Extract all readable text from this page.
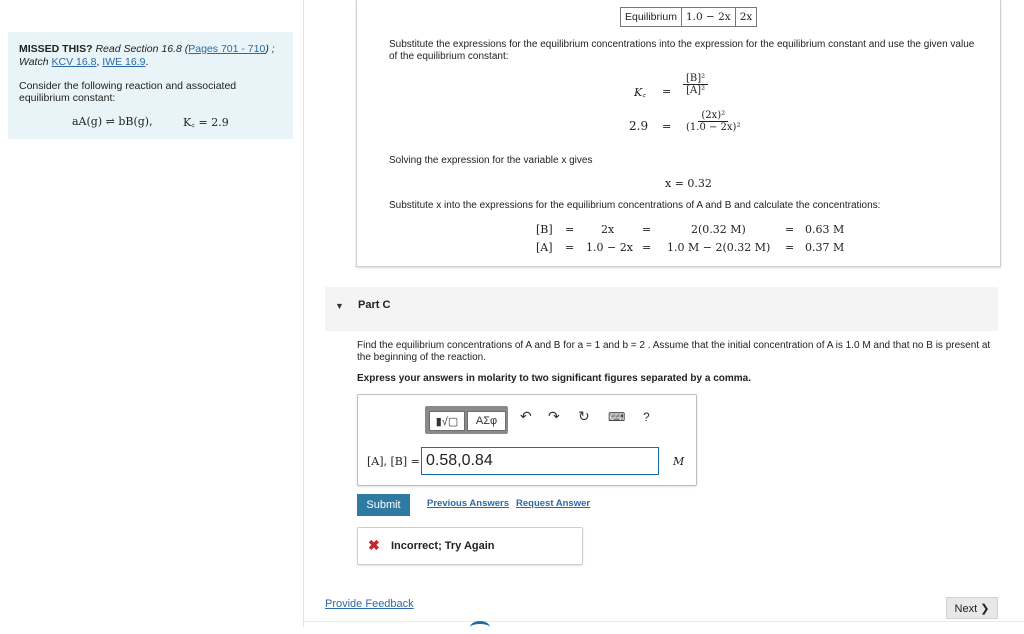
MISSED THIS? Read Section 16.8 (Pages 701 - 710) ;
Watch KCV 16.8, IWE 16.9.
Consider the following reaction and associated equilibrium constant:
aA(g) ⇌ bB(g),	K꜀ = 2.9
Equilibrium	1.0 − 2x	2x
Substitute the expressions for the equilibrium concentrations into the expression for the equilibrium constant and use the given value of the equilibrium constant:
K꜀ = $\frac{\text{[B]²}}{\text{[A]²}}$
$2.9 = \frac{\text{(2x)²}}{\text{(1.0 − 2x)²}}$
Solving the expression for the variable x gives
x = 0.32
Substitute x into the expressions for the equilibrium concentrations of A and B and calculate the concentrations:
[B] = 2x	=	2(0.32 M)	= 0.63 M
[A] = 1.0 − 2x = 1.0 M − 2(0.32 M) = 0.37 M
▼ Part C
Find the equilibrium concentrations of A and B for a = 1 and b = 2 . Assume that the initial concentration of A is 1.0 M and that no B is present at the beginning of the reaction.
Express your answers in molarity to two significant figures separated by a comma.
▮√▢	ΑΣφ	↶ ↷ ↻ ⌨ ?
[A], [B] =
0.58,0.84	M
Submit	Previous Answers Request Answer
✖ Incorrect; Try Again
Provide Feedback	Next ❯
